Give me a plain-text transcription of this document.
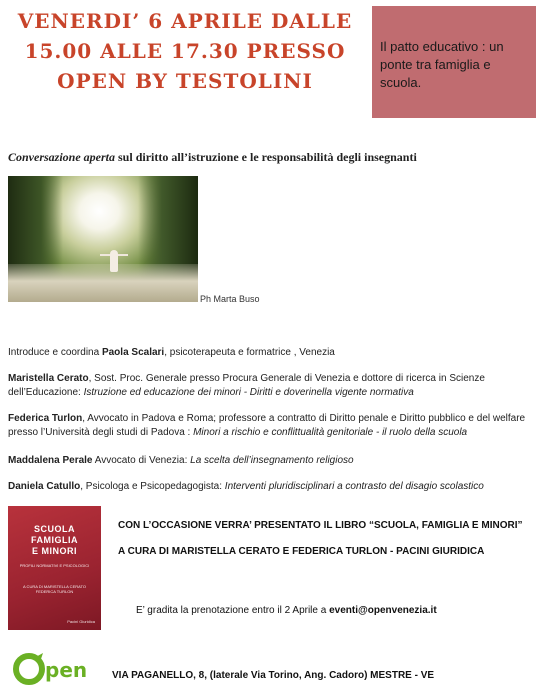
VENERDI’ 6 APRILE DALLE
15.00 ALLE 17.30 PRESSO
OPEN BY TESTOLINI
Il patto educativo : un ponte tra famiglia e scuola.
Conversazione aperta sul diritto all’istruzione e le responsabilità degli insegnanti
Ph Marta Buso
Introduce e coordina Paola Scalari, psicoterapeuta e formatrice , Venezia
Maristella Cerato, Sost. Proc. Generale presso Procura Generale di Venezia e dottore di ricerca in Scienze dell’Educazione: Istruzione ed educazione dei minori - Diritti e doverinella vigente normativa
Federica Turlon, Avvocato in Padova e Roma; professore a contratto di Diritto penale e Diritto pubblico e del welfare presso l’Università degli studi di Padova : Minori a rischio e conflittualità genitoriale - il ruolo della scuola
Maddalena Perale Avvocato di Venezia: La scelta dell’insegnamento religioso
Daniela Catullo, Psicologa e Psicopedagogista: Interventi pluridisciplinari a contrasto del disagio scolastico
SCUOLA
FAMIGLIA
E MINORI
PROFILI NORMATIVI E PSICOLOGICI
A CURA DI MARISTELLA CERATO FEDERICA TURLON
Pacini Giuridica
CON L’OCCASIONE VERRA’ PRESENTATO IL LIBRO “SCUOLA, FAMIGLIA E MINORI”
A CURA DI MARISTELLA CERATO E FEDERICA TURLON - PACINI GIURIDICA
E’ gradita la prenotazione entro il 2 Aprile a eventi@openvenezia.it
pen VIA PAGANELLO, 8, (laterale Via Torino, Ang. Cadoro) MESTRE - VE
